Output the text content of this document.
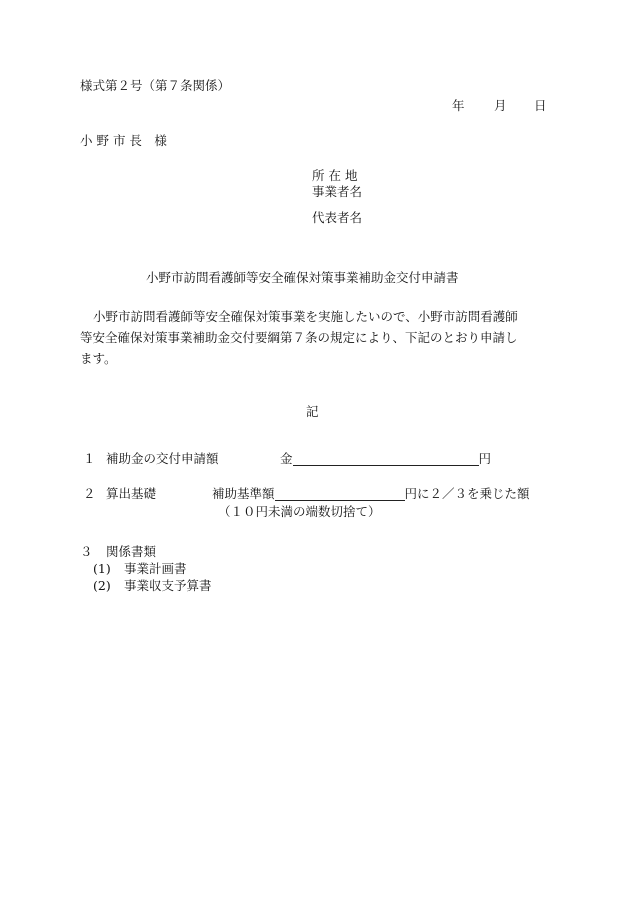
様式第２号（第７条関係）
年 月 日
小 野 市 長　様
所 在 地
事業者名
代表者名
小野市訪問看護師等安全確保対策事業補助金交付申請書
小野市訪問看護師等安全確保対策事業を実施したいので、小野市訪問看護師
等安全確保対策事業補助金交付要綱第７条の規定により、下記のとおり申請し
ます。
記
１ 補助金の交付申請額	金	円
２ 算出基礎	補助基準額	円に２／３を乗じた額
（１０円未満の端数切捨て）
３ 関係書類
(1) 事業計画書
(2) 事業収支予算書
